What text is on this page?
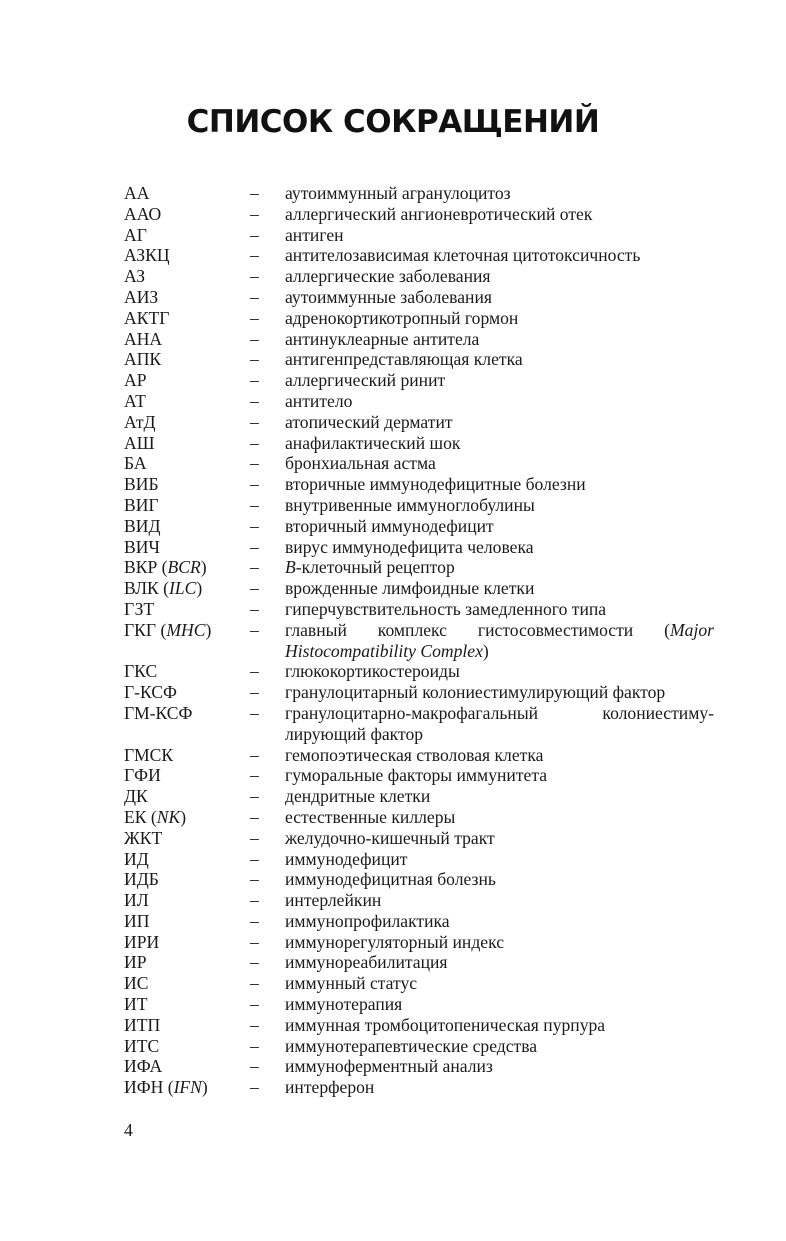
СПИСОК СОКРАЩЕНИЙ
АА	– аутоиммунный агранулоцитоз
ААО	– аллергический ангионевротический отек
АГ	– антиген
АЗКЦ	– антителозависимая клеточная цитотоксичность
АЗ	– аллергические заболевания
АИЗ	– аутоиммунные заболевания
АКТГ	– адренокортикотропный гормон
АНА	– антинуклеарные антитела
АПК	– антигенпредставляющая клетка
АР	– аллергический ринит
АТ	– антитело
АтД	– атопический дерматит
АШ	– анафилактический шок
БА	– бронхиальная астма
ВИБ	– вторичные иммунодефицитные болезни
ВИГ	– внутривенные иммуноглобулины
ВИД	– вторичный иммунодефицит
ВИЧ	– вирус иммунодефицита человека
ВКР (BCR) – B-клеточный рецептор
ВЛК (ILC)	– врожденные лимфоидные клетки
ГЗТ	– гиперчувствительность замедленного типа
ГКГ (MHC) – главный комплекс гистосовместимости (Major Histocompatibility Complex)
ГКС	– глюкокортикостероиды
Г-КСФ	– гранулоцитарный колониестимулирующий фактор
ГМ-КСФ	– гранулоцитарно-макрофагальный колониестимулирующий фактор
ГМСК	– гемопоэтическая стволовая клетка
ГФИ	– гуморальные факторы иммунитета
ДК	– дендритные клетки
ЕК (NK)	– естественные киллеры
ЖКТ	– желудочно-кишечный тракт
ИД	– иммунодефицит
ИДБ	– иммунодефицитная болезнь
ИЛ	– интерлейкин
ИП	– иммунопрофилактика
ИРИ	– иммунорегуляторный индекс
ИР	– иммунореабилитация
ИС	– иммунный статус
ИТ	– иммунотерапия
ИТП	– иммунная тромбоцитопеническая пурпура
ИТС	– иммунотерапевтические средства
ИФА	– иммуноферментный анализ
ИФН (IFN) – интерферон
4
